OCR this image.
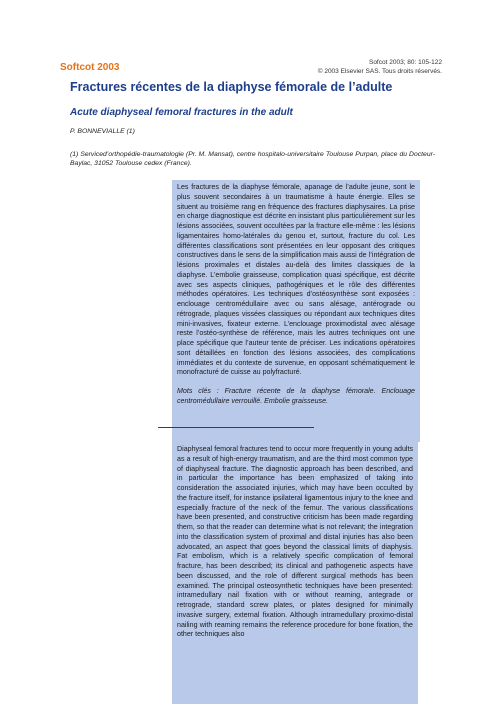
Softcot 2003	Sofcot 2003; 80: 105-122
© 2003 Elsevier SAS. Tous droits réservés.
Fractures récentes de la diaphyse fémorale de l’adulte
Acute diaphyseal femoral fractures in the adult
P. BONNEVIALLE (1)
(1) Serviced’orthopédie-traumatologie (Pr. M. Mansat), centre hospitalo-universitaire Toulouse Purpan, place du Docteur-Baylac, 31052 Toulouse cedex (France).
Les fractures de la diaphyse fémorale, apanage de l’adulte jeune, sont le plus souvent secondaires à un traumatisme à haute énergie. Elles se situent au troisième rang en fréquence des fractures diaphysaires. La prise en charge diagnostique est décrite en insistant plus particulièrement sur les lésions associées, souvent occultées par la fracture elle-même : les lésions ligamentaires homo-latérales du genou et, surtout, fracture du col. Les différentes classifications sont présentées en leur opposant des critiques constructives dans le sens de la simplification mais aussi de l’intégration de lésions proximales et distales au-delà des limites classiques de la diaphyse. L’embolie graisseuse, complication quasi spécifique, est décrite avec ses aspects cliniques, pathogéniques et le rôle des différentes méthodes opératoires. Les techniques d’ostéosynthèse sont exposées : enclouage centromédullaire avec ou sans alésage, antérograde ou rétrograde, plaques vissées classiques ou répondant aux techniques dites mini-invasives, fixateur externe. L’enclouage proximodistal avec alésage reste l’ostéo-synthèse de référence, mais les autres techniques ont une place spécifique que l’auteur tente de préciser. Les indications opératoires sont détaillées en fonction des lésions associées, des complications immédiates et du contexte de survenue, en opposant schématiquement le monofracturé de cuisse au polyfracturé.
Mots clés : Fracture récente de la diaphyse fémorale. Enclouage centromédullaire verrouillé. Embolie graisseuse.
Diaphyseal femoral fractures tend to occur more frequently in young adults as a result of high-energy traumatism, and are the third most common type of diaphyseal fracture. The diagnostic approach has been described, and in particular the importance has been emphasized of taking into consideration the associated injuries, which may have been occulted by the fracture itself, for instance ipsilateral ligamentous injury to the knee and especially fracture of the neck of the femur. The various classifications have been presented, and constructive criticism has been made regarding them, so that the reader can determine what is not relevant; the integration into the classification system of proximal and distal injuries has also been advocated, an aspect that goes beyond the classical limits of diaphysis. Fat embolism, which is a relatively specific complication of femoral fracture, has been described; its clinical and pathogenetic aspects have been discussed, and the role of different surgical methods has been examined. The principal osteosynthetic techniques have been presented: intramedullary nail fixation with or without reaming, antegrade or retrograde, standard screw plates, or plates designed for minimally invasive surgery, external fixation. Although intramedullary proximo-distal nailing with reaming remains the reference procedure for bone fixation, the other techniques also
